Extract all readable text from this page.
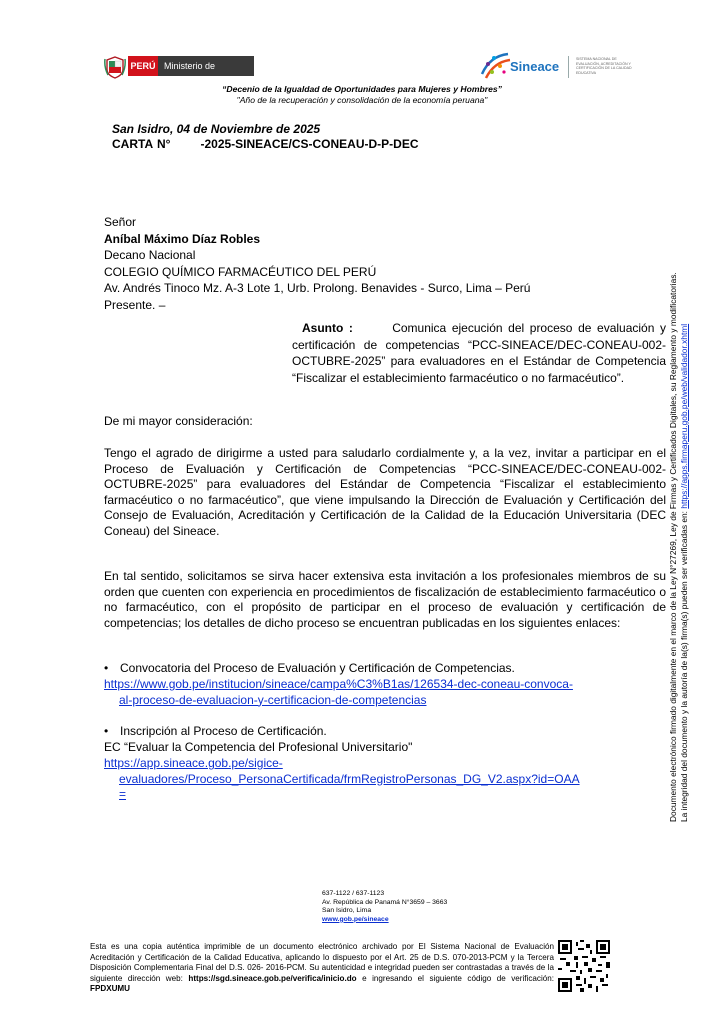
PERÚ Ministerio de Educación
Sineace	SISTEMA NACIONAL DE EVALUACIÓN, ACREDITACIÓN Y CERTIFICACIÓN DE LA CALIDAD EDUCATIVA
“Decenio de la Igualdad de Oportunidades para Mujeres y Hombres”
"Año de la recuperación y consolidación de la economía peruana"
San Isidro, 04 de Noviembre de 2025
CARTA N°	-2025-SINEACE/CS-CONEAU-D-P-DEC
Señor
Aníbal Máximo Díaz Robles
Decano Nacional
COLEGIO QUÍMICO FARMACÉUTICO DEL PERÚ
Av. Andrés Tinoco Mz. A-3 Lote 1, Urb. Prolong. Benavides - Surco, Lima – Perú
Presente. –
Asunto :	Comunica ejecución del proceso de evaluación y certificación de competencias “PCC-SINEACE/DEC-CONEAU-002-OCTUBRE-2025” para evaluadores en el Estándar de Competencia “Fiscalizar el establecimiento farmacéutico o no farmacéutico”.
De mi mayor consideración:
Tengo el agrado de dirigirme a usted para saludarlo cordialmente y, a la vez, invitar a participar en el Proceso de Evaluación y Certificación de Competencias “PCC-SINEACE/DEC-CONEAU-002-OCTUBRE-2025” para evaluadores del Estándar de Competencia “Fiscalizar el establecimiento farmacéutico o no farmacéutico”, que viene impulsando la Dirección de Evaluación y Certificación del Consejo de Evaluación, Acreditación y Certificación de la Calidad de la Educación Universitaria (DEC Coneau) del Sineace.
En tal sentido, solicitamos se sirva hacer extensiva esta invitación a los profesionales miembros de su orden que cuenten con experiencia en procedimientos de fiscalización de establecimiento farmacéutico o no farmacéutico, con el propósito de participar en el proceso de evaluación y certificación de competencias; los detalles de dicho proceso se encuentran publicadas en los siguientes enlaces:
• Convocatoria del Proceso de Evaluación y Certificación de Competencias.
https://www.gob.pe/institucion/sineace/campa%C3%B1as/126534-dec-coneau-convoca-
al-proceso-de-evaluacion-y-certificacion-de-competencias
• Inscripción al Proceso de Certificación.
EC “Evaluar la Competencia del Profesional Universitario"
https://app.sineace.gob.pe/sigice-
evaluadores/Proceso_PersonaCertificada/frmRegistroPersonas_DG_V2.aspx?id=OAA
=	Documento electrónico firmado digitalmente en el marco de la Ley N°27269, Ley de Firmas y Certificados Digitales, su Reglamento y modificatorias. La integridad del documento y la autoría de la(s) firma(s) pueden ser verificadas en: https://apps.firmaperu.gob.pe/web/validador.xhtml
637-1122 / 637-1123
Av. República de Panamá N°3659 – 3663
San Isidro, Lima
www.gob.pe/sineace
Esta es una copia auténtica imprimible de un documento electrónico archivado por El Sistema Nacional de Evaluación Acreditación y Certificación de la Calidad Educativa, aplicando lo dispuesto por el Art. 25 de D.S. 070-2013-PCM y la Tercera Disposición Complementaria Final del D.S. 026- 2016-PCM. Su autenticidad e integridad pueden ser contrastadas a través de la siguiente dirección web: https://sgd.sineace.gob.pe/verifica/inicio.do e ingresando el siguiente código de verificación: FPDXUMU
